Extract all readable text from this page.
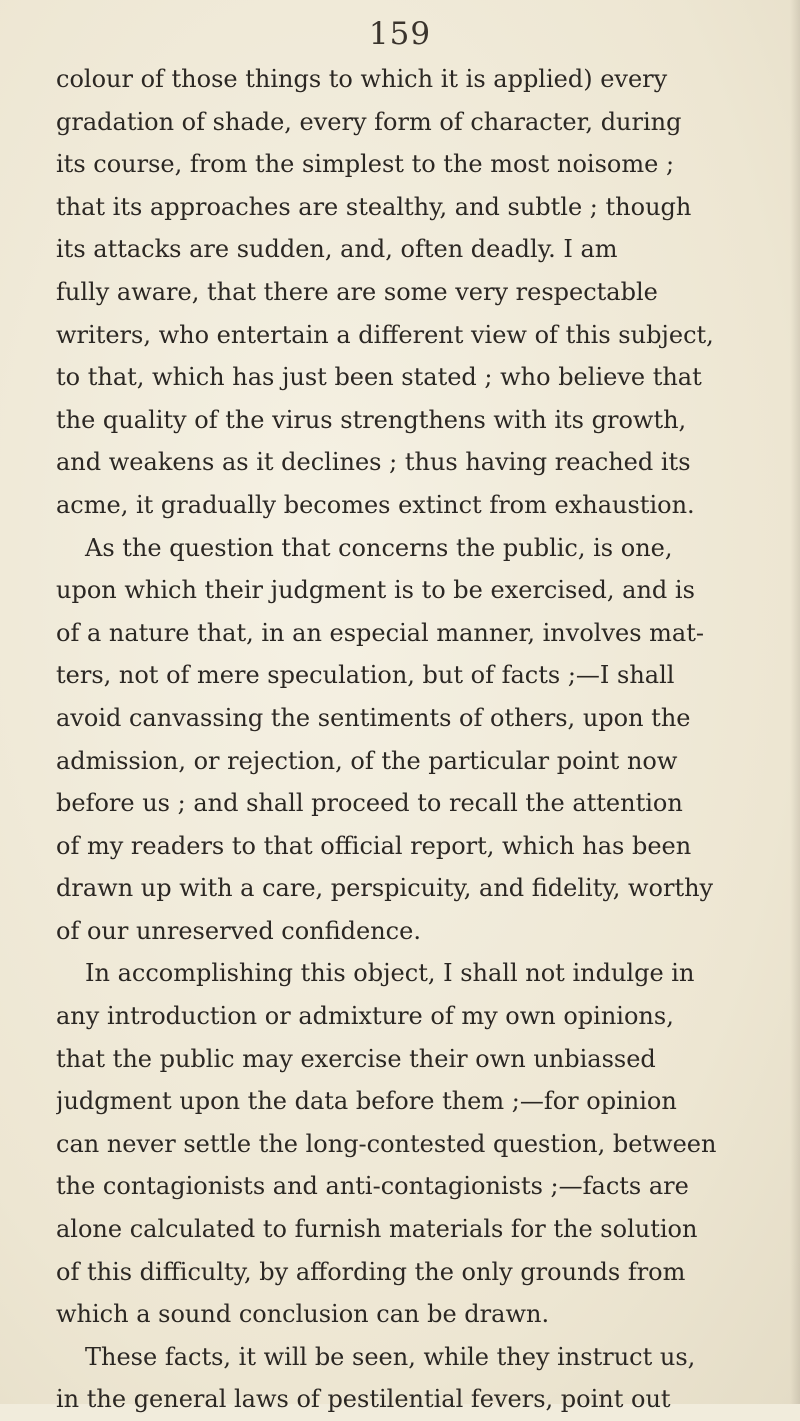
159
colour of those things to which it is applied) every
gradation of shade, every form of character, during
its course, from the simplest to the most noisome ;
that its approaches are stealthy, and subtle ; though
its attacks are sudden, and, often deadly. I am
fully aware, that there are some very respectable
writers, who entertain a different view of this subject,
to that, which has just been stated ; who believe that
the quality of the virus strengthens with its growth,
and weakens as it declines ; thus having reached its
acme, it gradually becomes extinct from exhaustion.
As the question that concerns the public, is one,
upon which their judgment is to be exercised, and is
of a nature that, in an especial manner, involves mat-
ters, not of mere speculation, but of facts ;—I shall
avoid canvassing the sentiments of others, upon the
admission, or rejection, of the particular point now
before us ; and shall proceed to recall the attention
of my readers to that official report, which has been
drawn up with a care, perspicuity, and fidelity, worthy
of our unreserved confidence.
In accomplishing this object, I shall not indulge in
any introduction or admixture of my own opinions,
that the public may exercise their own unbiassed
judgment upon the data before them ;—for opinion
can never settle the long-contested question, between
the contagionists and anti-contagionists ;—facts are
alone calculated to furnish materials for the solution
of this difficulty, by affording the only grounds from
which a sound conclusion can be drawn.
These facts, it will be seen, while they instruct us,
in the general laws of pestilential fevers, point out
